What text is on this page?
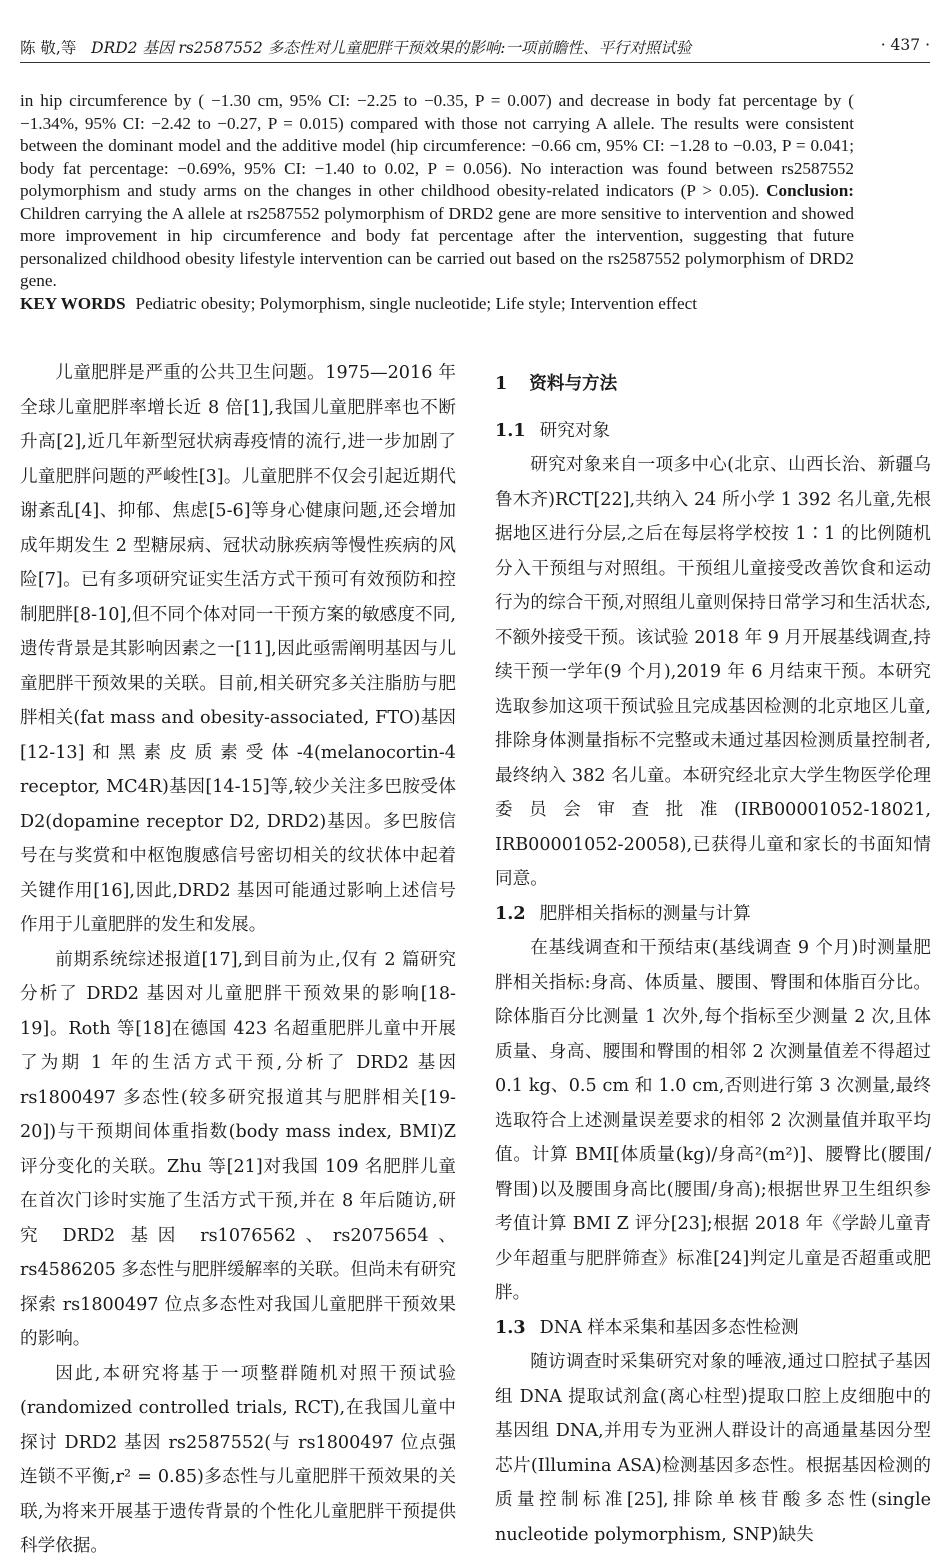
陈 敬,等 DRD2 基因 rs2587552 多态性对儿童肥胖干预效果的影响:一项前瞻性、平行对照试验	· 437 ·

in hip circumference by ( −1.30 cm, 95% CI: −2.25 to −0.35, P = 0.007) and decrease in body fat percentage by ( −1.34%, 95% CI: −2.42 to −0.27, P = 0.015) compared with those not carrying A allele. The results were consistent between the dominant model and the additive model (hip circumference: −0.66 cm, 95% CI: −1.28 to −0.03, P = 0.041; body fat percentage: −0.69%, 95% CI: −1.40 to 0.02, P = 0.056). No interaction was found between rs2587552 polymorphism and study arms on the changes in other childhood obesity-related indicators (P > 0.05). Conclusion: Children carrying the A allele at rs2587552 polymorphism of DRD2 gene are more sensitive to intervention and showed more improvement in hip circumference and body fat percentage after the intervention, suggesting that future personalized childhood obesity lifestyle intervention can be carried out based on the rs2587552 polymorphism of DRD2 gene.

KEY WORDS Pediatric obesity; Polymorphism, single nucleotide; Life style; Intervention effect

儿童肥胖是严重的公共卫生问题。1975—2016 年全球儿童肥胖率增长近 8 倍[1],我国儿童肥胖率也不断升高[2],近几年新型冠状病毒疫情的流行,进一步加剧了儿童肥胖问题的严峻性[3]。儿童肥胖不仅会引起近期代谢紊乱[4]、抑郁、焦虑[5-6]等身心健康问题,还会增加成年期发生 2 型糖尿病、冠状动脉疾病等慢性疾病的风险[7]。已有多项研究证实生活方式干预可有效预防和控制肥胖[8-10],但不同个体对同一干预方案的敏感度不同,遗传背景是其影响因素之一[11],因此亟需阐明基因与儿童肥胖干预效果的关联。目前,相关研究多关注脂肪与肥胖相关(fat mass and obesity-associated, FTO)基因[12-13]和黑素皮质素受体-4(melanocortin-4 receptor, MC4R)基因[14-15]等,较少关注多巴胺受体 D2(dopamine receptor D2, DRD2)基因。多巴胺信号在与奖赏和中枢饱腹感信号密切相关的纹状体中起着关键作用[16],因此,DRD2 基因可能通过影响上述信号作用于儿童肥胖的发生和发展。

前期系统综述报道[17],到目前为止,仅有 2 篇研究分析了 DRD2 基因对儿童肥胖干预效果的影响[18-19]。Roth 等[18]在德国 423 名超重肥胖儿童中开展了为期 1 年的生活方式干预,分析了 DRD2 基因 rs1800497 多态性(较多研究报道其与肥胖相关[19-20])与干预期间体重指数(body mass index, BMI)Z 评分变化的关联。Zhu 等[21]对我国 109 名肥胖儿童在首次门诊时实施了生活方式干预,并在 8 年后随访,研究 DRD2 基因 rs1076562、rs2075654、rs4586205 多态性与肥胖缓解率的关联。但尚未有研究探索 rs1800497 位点多态性对我国儿童肥胖干预效果的影响。

因此,本研究将基于一项整群随机对照干预试验(randomized controlled trials, RCT),在我国儿童中探讨 DRD2 基因 rs2587552(与 rs1800497 位点强连锁不平衡,r² = 0.85)多态性与儿童肥胖干预效果的关联,为将来开展基于遗传背景的个性化儿童肥胖干预提供科学依据。

1 资料与方法
1.1 研究对象

研究对象来自一项多中心(北京、山西长治、新疆乌鲁木齐)RCT[22],共纳入 24 所小学 1 392 名儿童,先根据地区进行分层,之后在每层将学校按 1∶1 的比例随机分入干预组与对照组。干预组儿童接受改善饮食和运动行为的综合干预,对照组儿童则保持日常学习和生活状态,不额外接受干预。该试验 2018 年 9 月开展基线调查,持续干预一学年(9 个月),2019 年 6 月结束干预。本研究选取参加这项干预试验且完成基因检测的北京地区儿童,排除身体测量指标不完整或未通过基因检测质量控制者,最终纳入 382 名儿童。本研究经北京大学生物医学伦理委员会审查批准(IRB00001052-18021, IRB00001052-20058),已获得儿童和家长的书面知情同意。

1.2 肥胖相关指标的测量与计算

在基线调查和干预结束(基线调查 9 个月)时测量肥胖相关指标:身高、体质量、腰围、臀围和体脂百分比。除体脂百分比测量 1 次外,每个指标至少测量 2 次,且体质量、身高、腰围和臀围的相邻 2 次测量值差不得超过 0.1 kg、0.5 cm 和 1.0 cm,否则进行第 3 次测量,最终选取符合上述测量误差要求的相邻 2 次测量值并取平均值。计算 BMI[体质量(kg)/身高²(m²)]、腰臀比(腰围/臀围)以及腰围身高比(腰围/身高);根据世界卫生组织参考值计算 BMI Z 评分[23];根据 2018 年《学龄儿童青少年超重与肥胖筛查》标准[24]判定儿童是否超重或肥胖。

1.3 DNA 样本采集和基因多态性检测

随访调查时采集研究对象的唾液,通过口腔拭子基因组 DNA 提取试剂盒(离心柱型)提取口腔上皮细胞中的基因组 DNA,并用专为亚洲人群设计的高通量基因分型芯片(Illumina ASA)检测基因多态性。根据基因检测的质量控制标准[25],排除单核苷酸多态性(single nucleotide polymorphism, SNP)缺失
